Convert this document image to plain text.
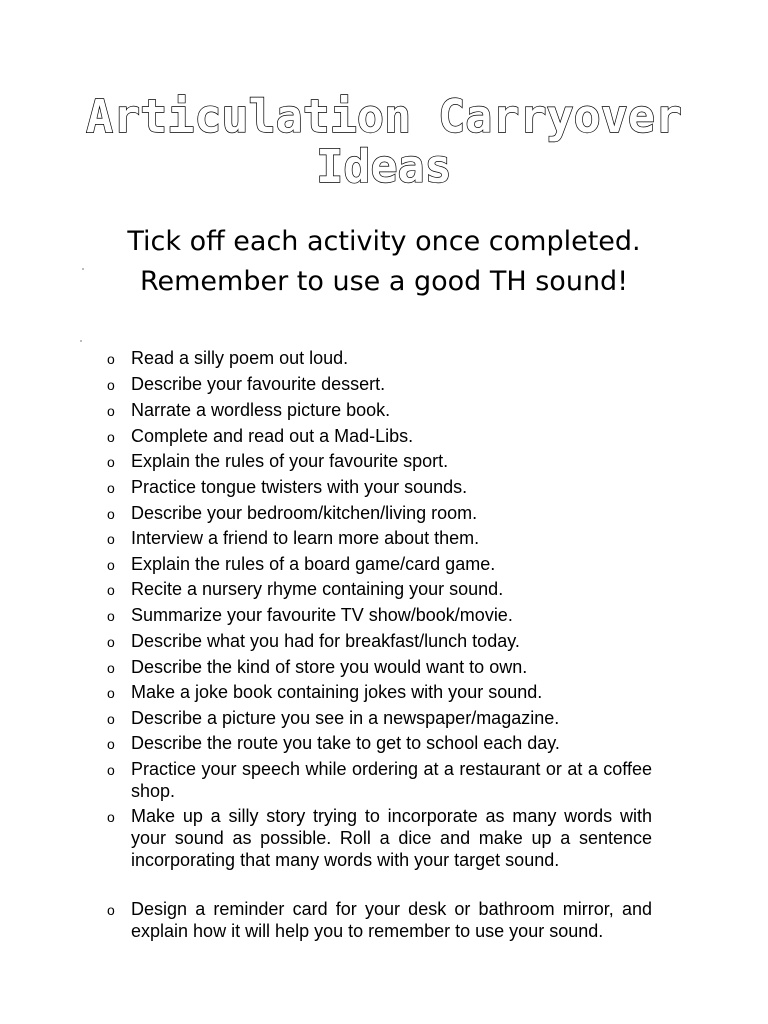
Articulation Carryover
Ideas
Tick off each activity once completed.
Remember to use a good TH sound!
o Read a silly poem out loud.
o Describe your favourite dessert.
o Narrate a wordless picture book.
o Complete and read out a Mad-Libs.
o Explain the rules of your favourite sport.
o Practice tongue twisters with your sounds.
o Describe your bedroom/kitchen/living room.
o Interview a friend to learn more about them.
o Explain the rules of a board game/card game.
o Recite a nursery rhyme containing your sound.
o Summarize your favourite TV show/book/movie.
o Describe what you had for breakfast/lunch today.
o Describe the kind of store you would want to own.
o Make a joke book containing jokes with your sound.
o Describe a picture you see in a newspaper/magazine.
o Describe the route you take to get to school each day.
o Practice your speech while ordering at a restaurant or at a coffee shop.
o Make up a silly story trying to incorporate as many words with your sound as possible. Roll a dice and make up a sentence incorporating that many words with your target sound.
o Design a reminder card for your desk or bathroom mirror, and explain how it will help you to remember to use your sound.
